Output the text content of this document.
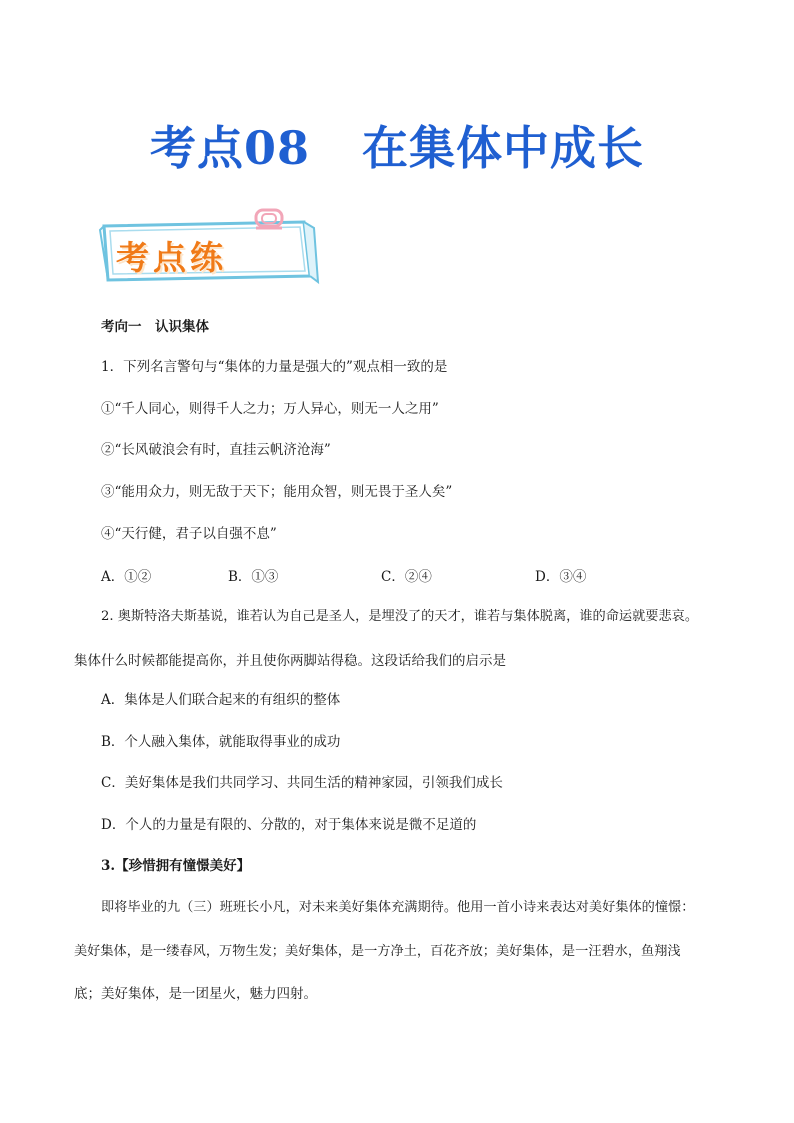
考点08 在集体中成长
考点练
考向一　认识集体
1．下列名言警句与“集体的力量是强大的”观点相一致的是
①“千人同心，则得千人之力；万人异心，则无一人之用”
②“长风破浪会有时，直挂云帆济沧海”
③“能用众力，则无敌于天下；能用众智，则无畏于圣人矣”
④“天行健，君子以自强不息”
A．①②	B．①③	C．②④	D．③④
2. 奥斯特洛夫斯基说，谁若认为自己是圣人，是埋没了的天才，谁若与集体脱离，谁的命运就要悲哀。
集体什么时候都能提高你，并且使你两脚站得稳。这段话给我们的启示是
A．集体是人们联合起来的有组织的整体
B．个人融入集体，就能取得事业的成功
C．美好集体是我们共同学习、共同生活的精神家园，引领我们成长
D．个人的力量是有限的、分散的，对于集体来说是微不足道的
3.【珍惜拥有憧憬美好】
即将毕业的九（三）班班长小凡，对未来美好集体充满期待。他用一首小诗来表达对美好集体的憧憬：
美好集体，是一缕春风，万物生发；美好集体，是一方净土，百花齐放；美好集体，是一汪碧水，鱼翔浅
底；美好集体，是一团星火，魅力四射。
